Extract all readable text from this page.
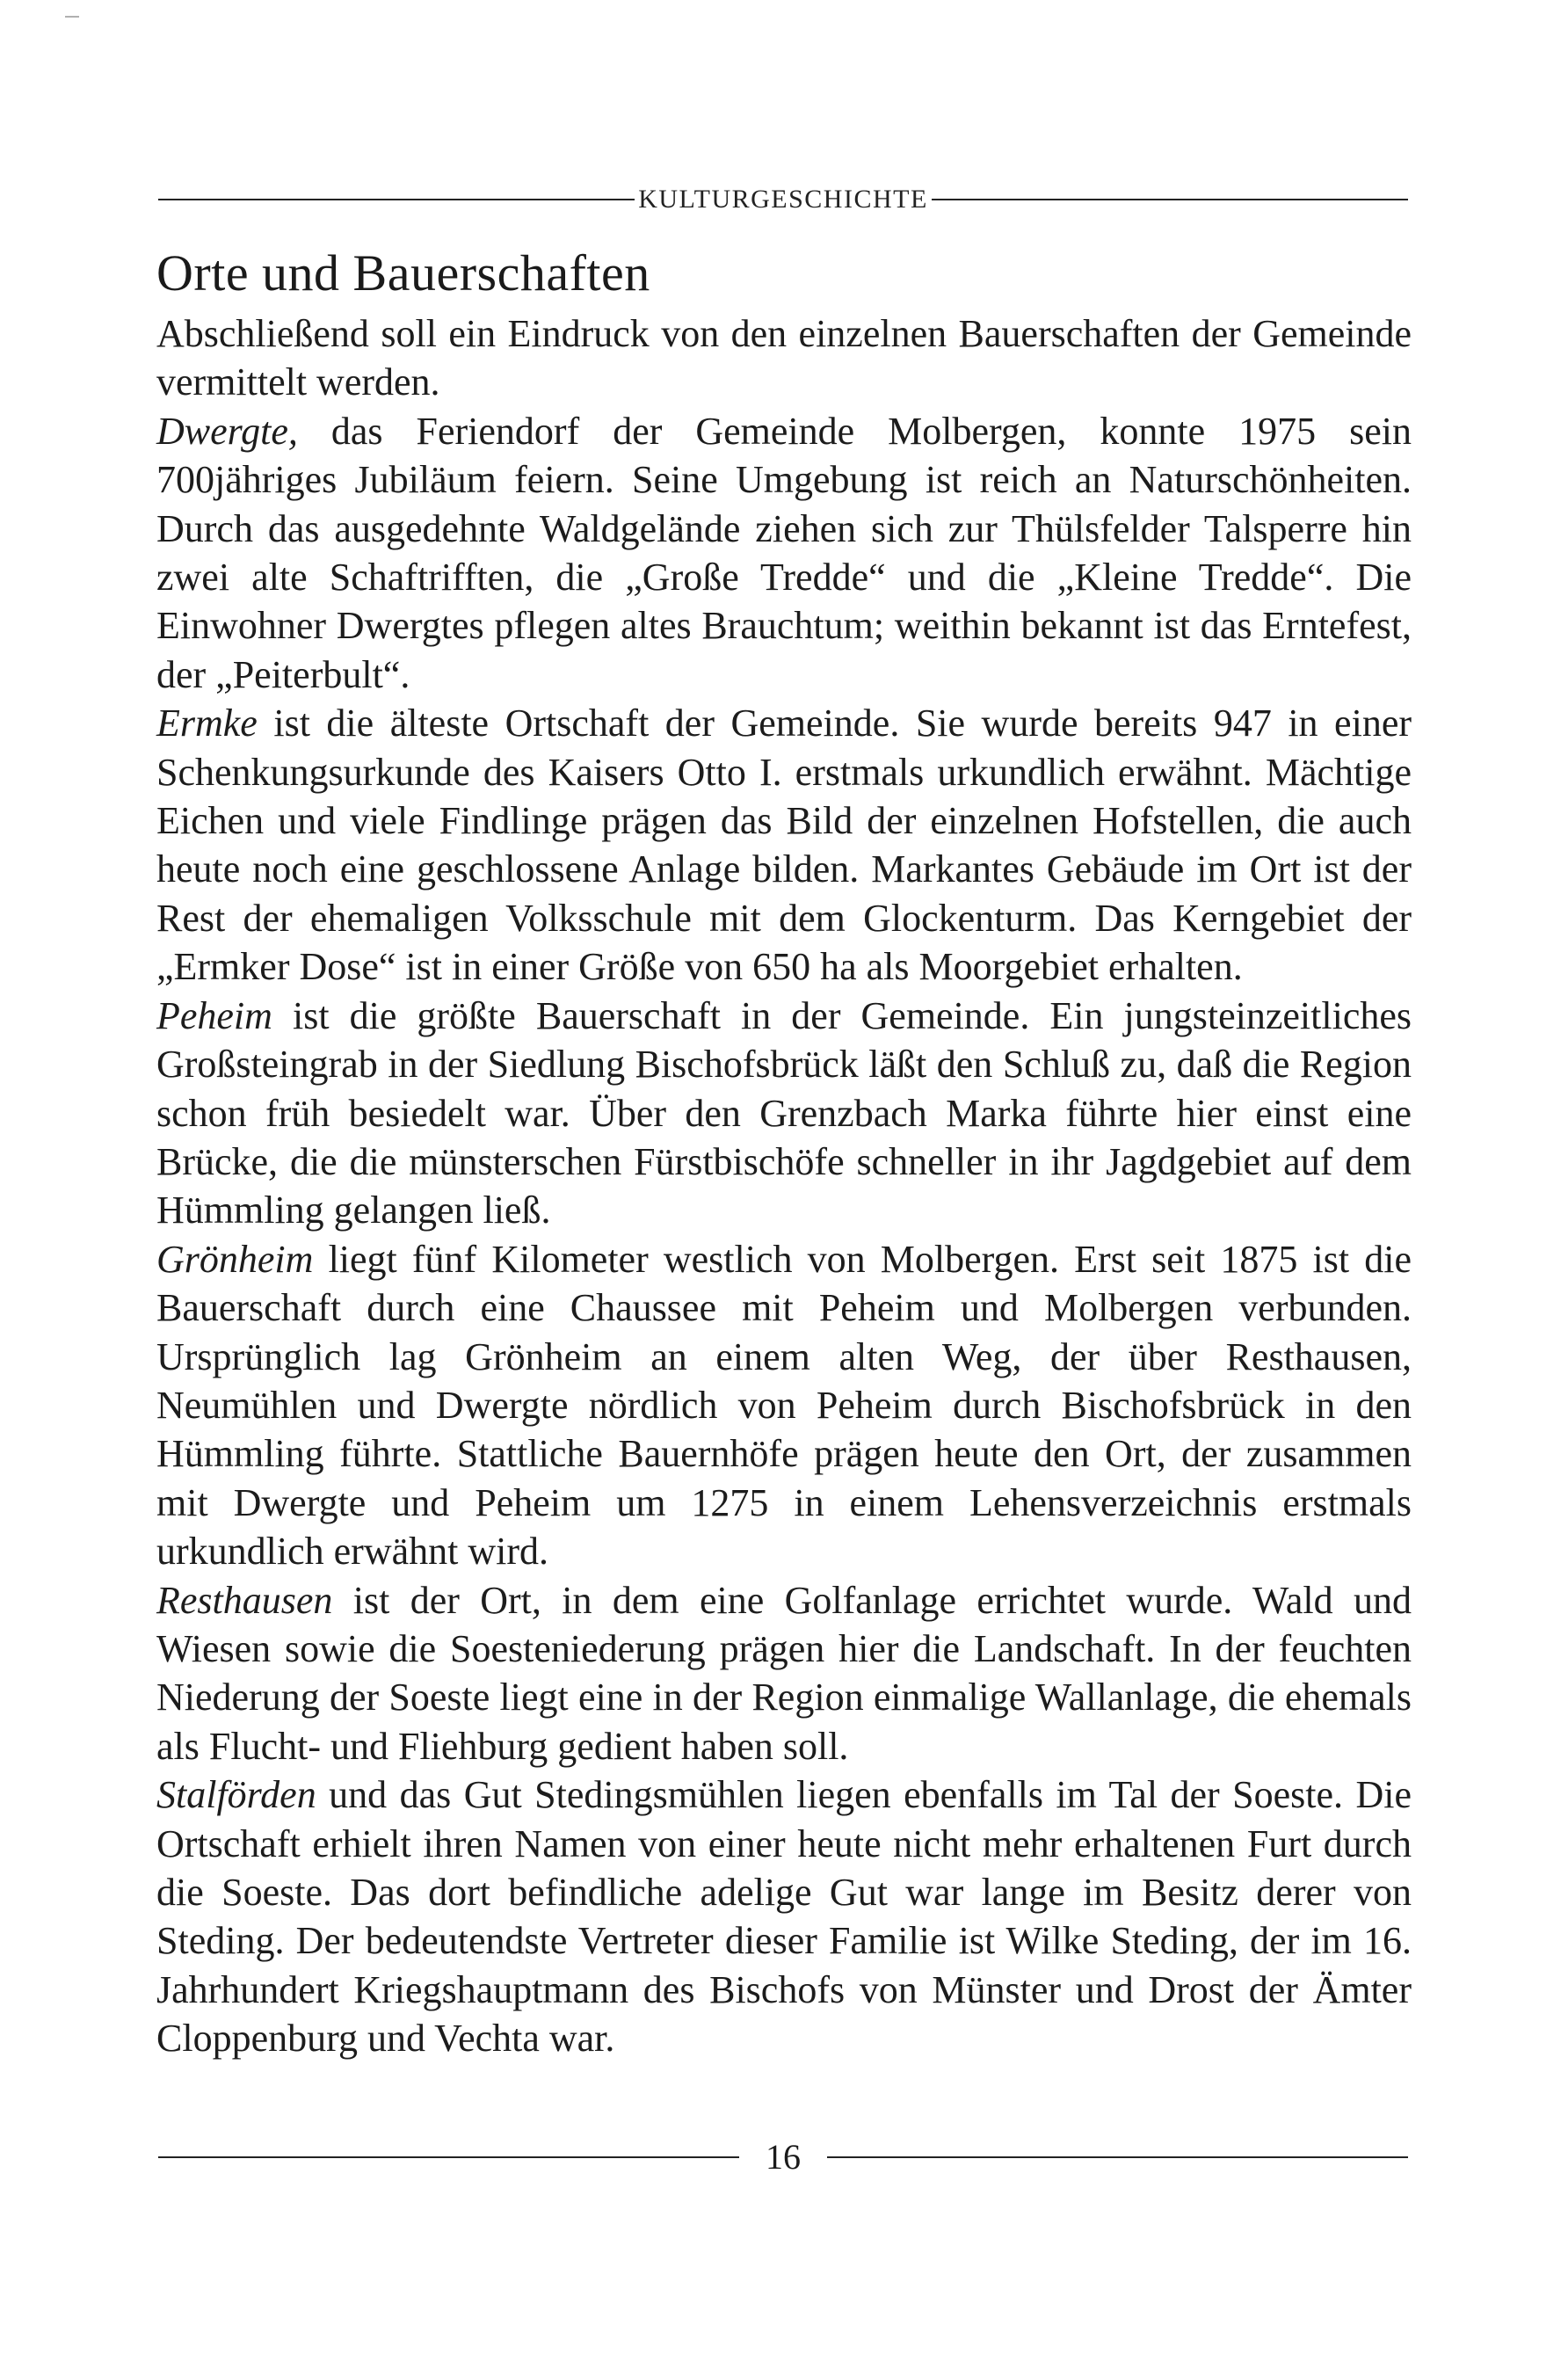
KULTURGESCHICHTE
Orte und Bauerschaften

Abschließend soll ein Eindruck von den einzelnen Bauerschaften der Gemeinde vermittelt werden.

Dwergte, das Feriendorf der Gemeinde Molbergen, konnte 1975 sein 700jähriges Jubiläum feiern. Seine Umgebung ist reich an Naturschönheiten. Durch das ausgedehnte Waldgelände ziehen sich zur Thülsfelder Talsperre hin zwei alte Schaftrifften, die „Große Tredde“ und die „Kleine Tredde“. Die Einwohner Dwergtes pflegen altes Brauchtum; weithin bekannt ist das Erntefest, der „Peiterbult“.

Ermke ist die älteste Ortschaft der Gemeinde. Sie wurde bereits 947 in einer Schenkungsurkunde des Kaisers Otto I. erstmals urkundlich erwähnt. Mächtige Eichen und viele Findlinge prägen das Bild der einzelnen Hofstellen, die auch heute noch eine geschlossene Anlage bilden. Markantes Gebäude im Ort ist der Rest der ehemaligen Volksschule mit dem Glockenturm. Das Kerngebiet der „Ermker Dose“ ist in einer Größe von 650 ha als Moorgebiet erhalten.

Peheim ist die größte Bauerschaft in der Gemeinde. Ein jungsteinzeitliches Großsteingrab in der Siedlung Bischofsbrück läßt den Schluß zu, daß die Region schon früh besiedelt war. Über den Grenzbach Marka führte hier einst eine Brücke, die die münsterschen Fürstbischöfe schneller in ihr Jagdgebiet auf dem Hümmling gelangen ließ.

Grönheim liegt fünf Kilometer westlich von Molbergen. Erst seit 1875 ist die Bauerschaft durch eine Chaussee mit Peheim und Molbergen verbunden. Ursprünglich lag Grönheim an einem alten Weg, der über Resthausen, Neumühlen und Dwergte nördlich von Peheim durch Bischofsbrück in den Hümmling führte. Stattliche Bauernhöfe prägen heute den Ort, der zusammen mit Dwergte und Peheim um 1275 in einem Lehensverzeichnis erstmals urkundlich erwähnt wird.

Resthausen ist der Ort, in dem eine Golfanlage errichtet wurde. Wald und Wiesen sowie die Soesteniederung prägen hier die Landschaft. In der feuchten Niederung der Soeste liegt eine in der Region einmalige Wallanlage, die ehemals als Flucht- und Fliehburg gedient haben soll.

Stalförden und das Gut Stedingsmühlen liegen ebenfalls im Tal der Soeste. Die Ortschaft erhielt ihren Namen von einer heute nicht mehr erhaltenen Furt durch die Soeste. Das dort befindliche adelige Gut war lange im Besitz derer von Steding. Der bedeutendste Vertreter dieser Familie ist Wilke Steding, der im 16. Jahrhundert Kriegshauptmann des Bischofs von Münster und Drost der Ämter Cloppenburg und Vechta war.

16
